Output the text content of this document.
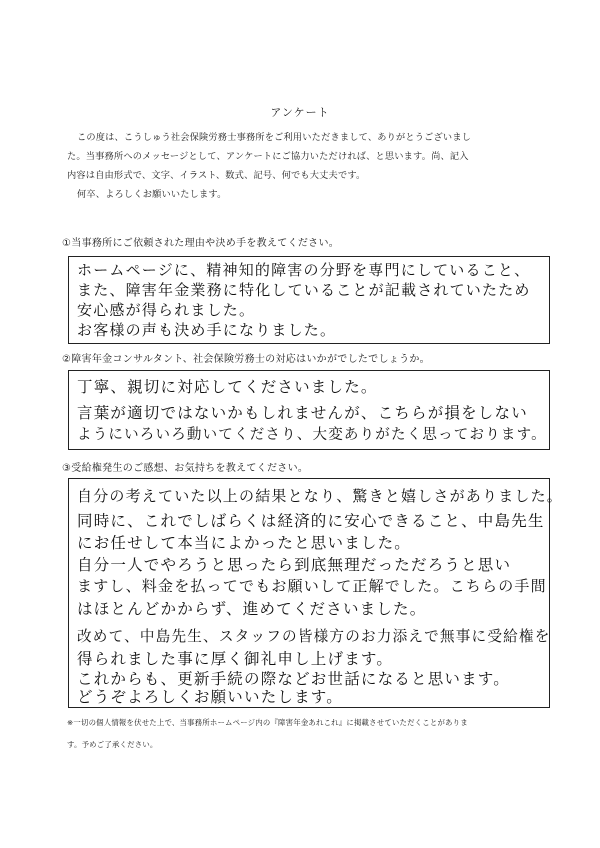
アンケート

この度は、こうしゅう社会保険労務士事務所をご利用いただきまして、ありがとうございまし

た。当事務所へのメッセージとして、アンケートにご協力いただければ、と思います。尚、記入

内容は自由形式で、文字、イラスト、数式、記号、何でも大丈夫です。

何卒、よろしくお願いいたします。

①当事務所にご依頼された理由や決め手を教えてください。
ホームページに、精神知的障害の分野を専門にしていること、
また、障害年金業務に特化していることが記載されていたため
安心感が得られました。
お客様の声も決め手になりました。
②障害年金コンサルタント、社会保険労務士の対応はいかがでしたでしょうか。
丁寧、親切に対応してくださいました。
言葉が適切ではないかもしれませんが、こちらが損をしない
ようにいろいろ動いてくださり、大変ありがたく思っております。
③受給権発生のご感想、お気持ちを教えてください。
自分の考えていた以上の結果となり、驚きと嬉しさがありました。
同時に、これでしばらくは経済的に安心できること、中島先生
にお任せして本当によかったと思いました。
自分一人でやろうと思ったら到底無理だっただろうと思い
ますし、料金を払ってでもお願いして正解でした。こちらの手間
はほとんどかからず、進めてくださいました。
改めて、中島先生、スタッフの皆様方のお力添えで無事に受給権を
得られました事に厚く御礼申し上げます。
これからも、更新手続の際などお世話になると思います。
どうぞよろしくお願いいたします。
※一切の個人情報を伏せた上で、当事務所ホームページ内の『障害年金あれこれ』に掲載させていただくことがありま
す。予めご了承ください。
